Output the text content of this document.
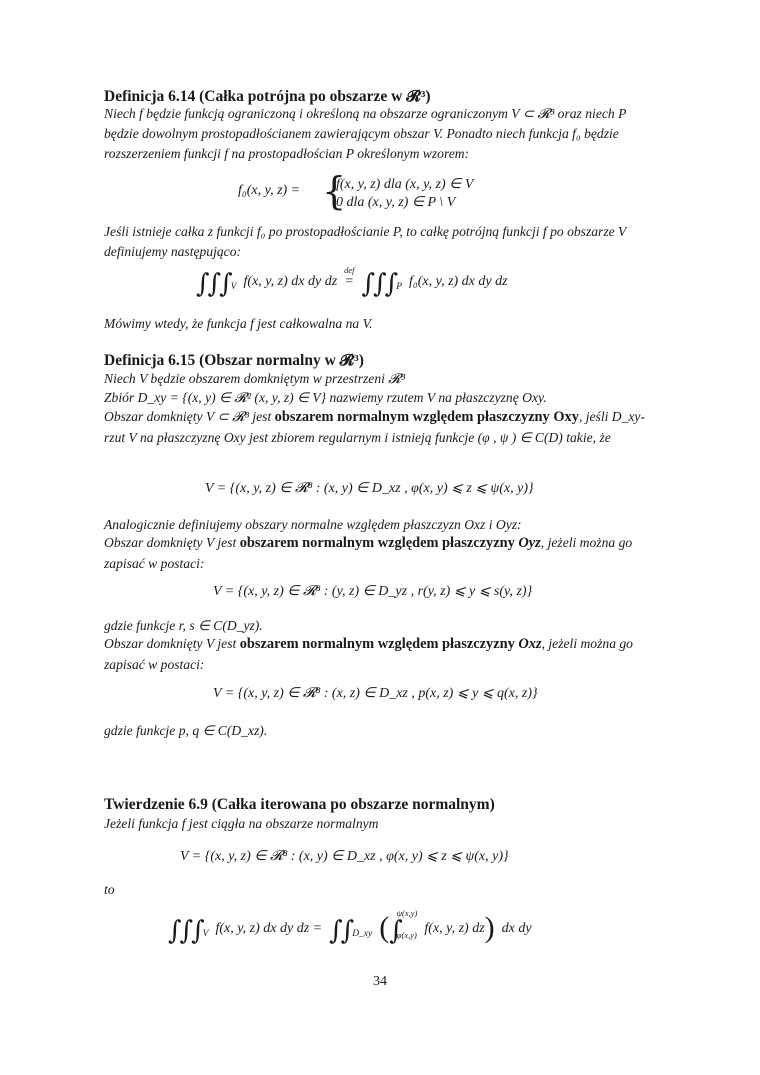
Definicja 6.14 (Całka potrójna po obszarze w 𝓡³)
Niech f będzie funkcją ograniczoną i określoną na obszarze ograniczonym V ⊂ 𝓡³ oraz niech P będzie dowolnym prostopadłościanem zawierającym obszar V. Ponadto niech funkcja f₀ będzie rozszerzeniem funkcji f na prostopadłościan P określonym wzorem:
f₀(x, y, z) = {
f(x, y, z) dla (x, y, z) ∈ V
0 dla (x, y, z) ∈ P \ V
Jeśli istnieje całka z funkcji f₀ po prostopadłościanie P, to całkę potrójną funkcji f po obszarze V definiujemy następująco:
$\int\int\int_V$ f(x, y, z) dx dy dz
def
= $\int\int\int_P$ f₀(x, y, z) dx dy dz
Mówimy wtedy, że funkcja f jest całkowalna na V.
Definicja 6.15 (Obszar normalny w 𝓡³)
Niech V będzie obszarem domkniętym w przestrzeni 𝓡³
Zbiór D_xy = {(x, y) ∈ 𝓡² (x, y, z) ∈ V} nazwiemy rzutem V na płaszczyznę Oxy.
Obszar domknięty V ⊂ 𝓡³ jest obszarem normalnym względem płaszczyzny Oxy, jeśli D_xy- rzut V na płaszczyznę Oxy jest zbiorem regularnym i istnieją funkcje (φ , ψ ) ∈ C(D) takie, że
V = {(x, y, z) ∈ 𝓡³ : (x, y) ∈ D_xz , φ(x, y) ⩽ z ⩽ ψ(x, y)}
Analogicznie definiujemy obszary normalne względem płaszczyzn Oxz i Oyz:
Obszar domknięty V jest obszarem normalnym względem płaszczyzny Oyz, jeżeli można go zapisać w postaci:
V = {(x, y, z) ∈ 𝓡³ : (y, z) ∈ D_yz , r(y, z) ⩽ y ⩽ s(y, z)}
gdzie funkcje r, s ∈ C(D_yz).
Obszar domknięty V jest obszarem normalnym względem płaszczyzny Oxz, jeżeli można go zapisać w postaci:
V = {(x, y, z) ∈ 𝓡³ : (x, z) ∈ D_xz , p(x, z) ⩽ y ⩽ q(x, z)}
gdzie funkcje p, q ∈ C(D_xz).
Twierdzenie 6.9 (Całka iterowana po obszarze normalnym)
Jeżeli funkcja f jest ciągła na obszarze normalnym
V = {(x, y, z) ∈ 𝓡³ : (x, y) ∈ D_xz , φ(x, y) ⩽ z ⩽ ψ(x, y)}
to
$\int\int\int_V$ f(x, y, z) dx dy dz = $\int\int_{D\_xy}$ (∫
ψ(x,y)
φ(x,y) f(x, y, z) dz) dx dy
34
